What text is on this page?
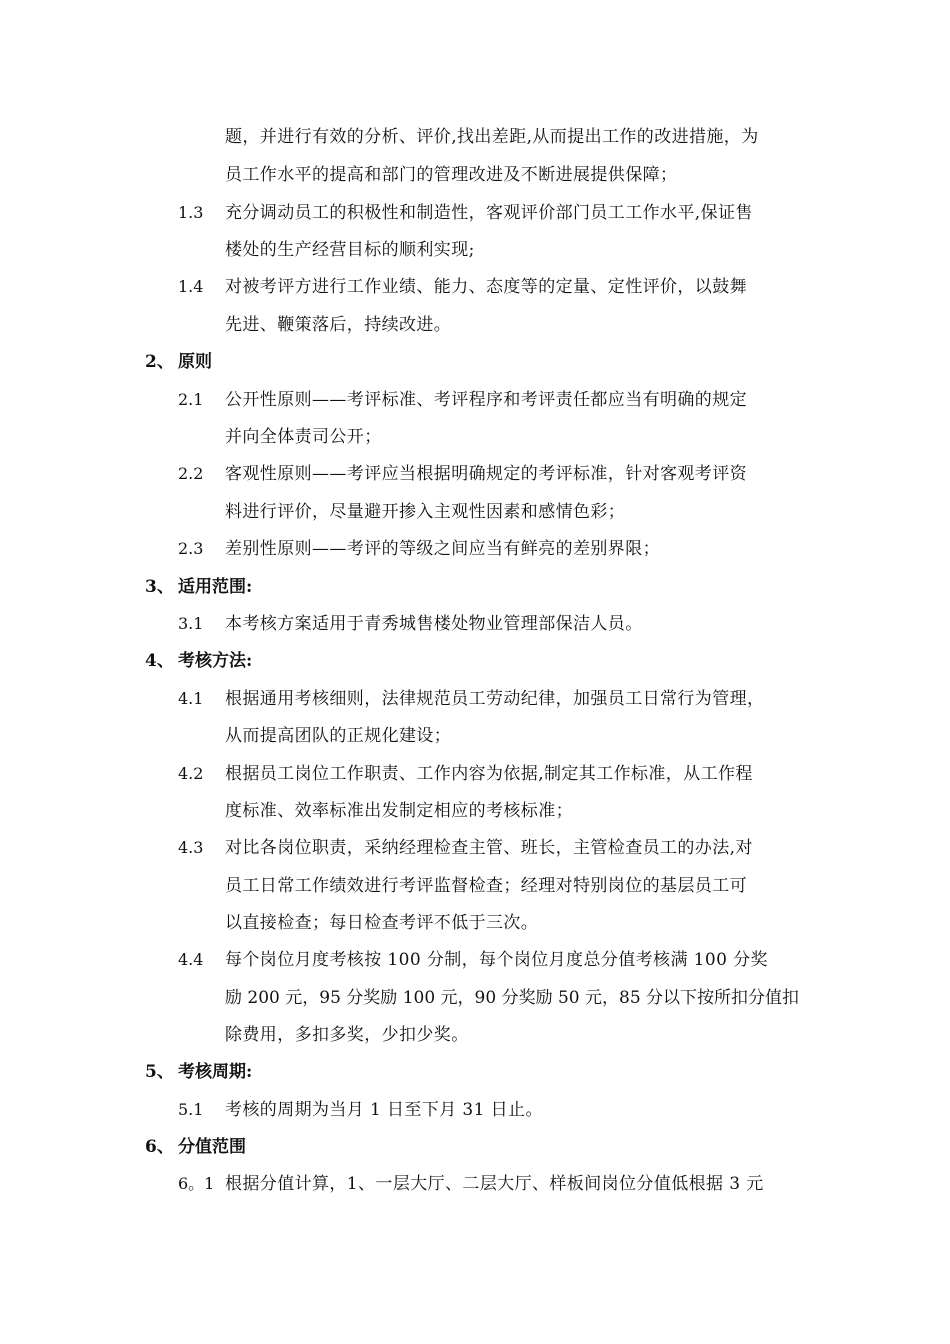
题，并进行有效的分析、评价,找出差距,从而提出工作的改进措施，为
员工作水平的提高和部门的管理改进及不断进展提供保障；
1.3 充分调动员工的积极性和制造性，客观评价部门员工工作水平,保证售
楼处的生产经营目标的顺利实现;
1.4 对被考评方进行工作业绩、能力、态度等的定量、定性评价，以鼓舞
先进、鞭策落后，持续改进。
2、 原则
2.1 公开性原则——考评标准、考评程序和考评责任都应当有明确的规定
并向全体责司公开；
2.2 客观性原则——考评应当根据明确规定的考评标准，针对客观考评资
料进行评价，尽量避开掺入主观性因素和感情色彩；
2.3 差别性原则——考评的等级之间应当有鲜亮的差别界限；
3、 适用范围:
3.1 本考核方案适用于青秀城售楼处物业管理部保洁人员。
4、 考核方法:
4.1 根据通用考核细则，法律规范员工劳动纪律，加强员工日常行为管理，
从而提高团队的正规化建设；
4.2 根据员工岗位工作职责、工作内容为依据,制定其工作标准，从工作程
度标准、效率标准出发制定相应的考核标准；
4.3 对比各岗位职责，采纳经理检查主管、班长，主管检查员工的办法,对
员工日常工作绩效进行考评监督检查；经理对特别岗位的基层员工可
以直接检查；每日检查考评不低于三次。
4.4 每个岗位月度考核按 100 分制，每个岗位月度总分值考核满 100 分奖
励 200 元，95 分奖励 100 元，90 分奖励 50 元，85 分以下按所扣分值扣
除费用，多扣多奖，少扣少奖。
5、 考核周期:
5.1 考核的周期为当月 1 日至下月 31 日止。
6、 分值范围
6。1 根据分值计算，1、一层大厅、二层大厅、样板间岗位分值低根据 3 元
